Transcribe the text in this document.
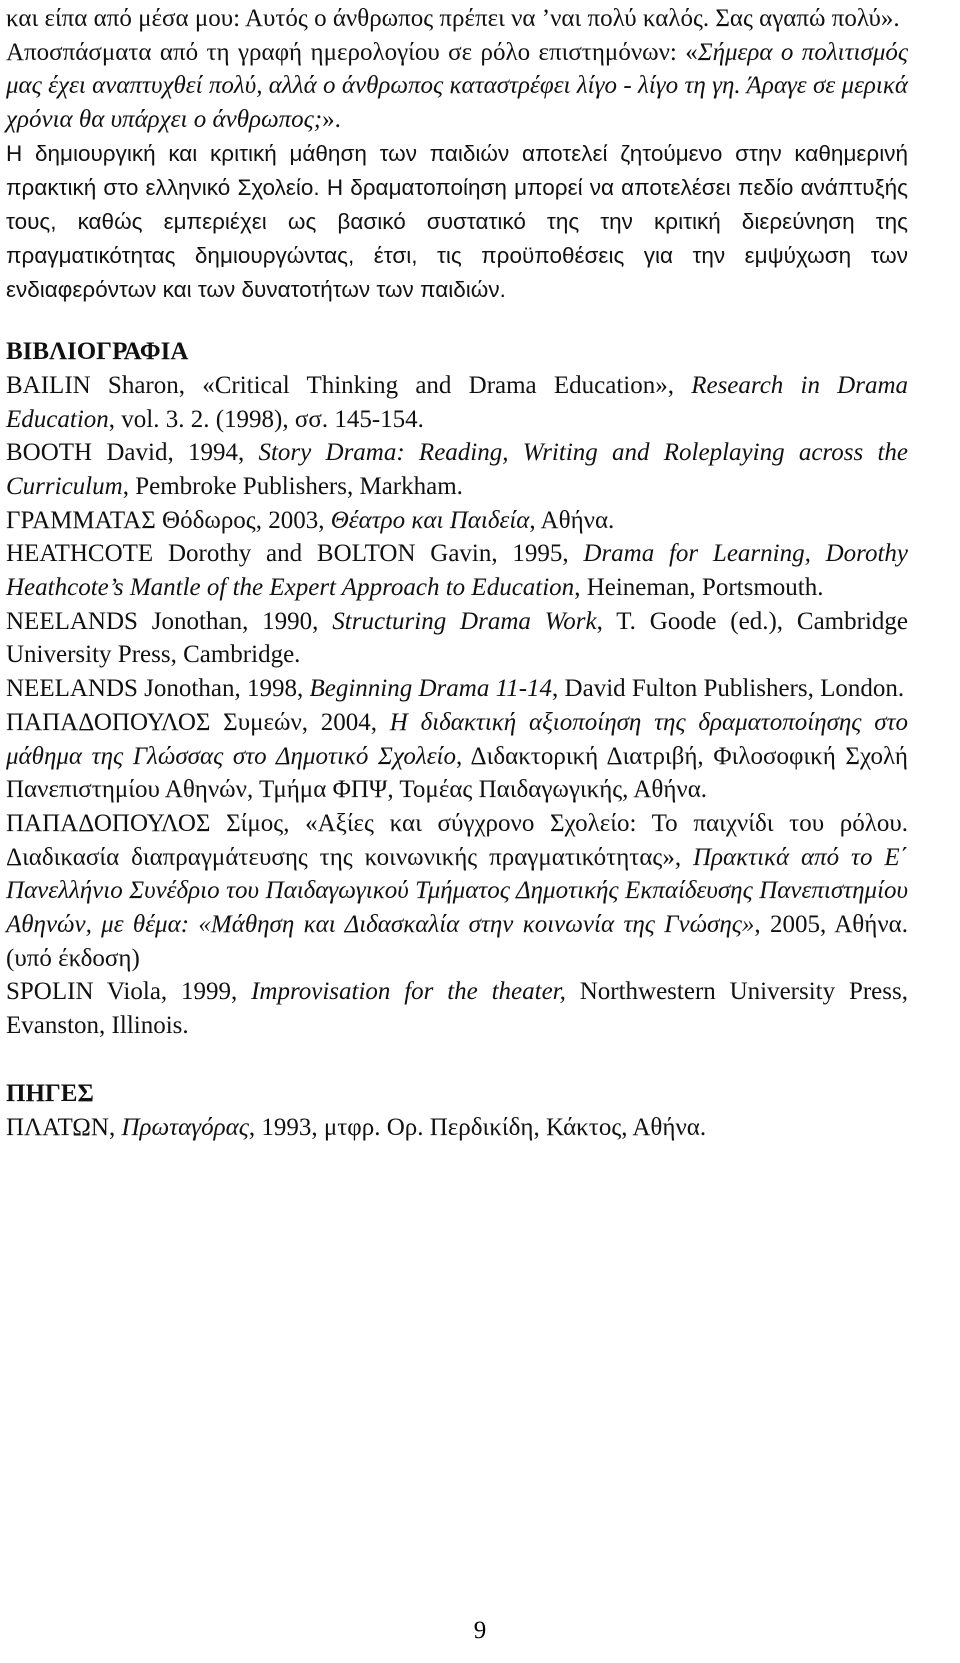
και είπα από μέσα μου: Αυτός ο άνθρωπος πρέπει να ’ναι πολύ καλός. Σας αγαπώ πολύ».

Αποσπάσματα από τη γραφή ημερολογίου σε ρόλο επιστημόνων: «Σήμερα ο πολιτισμός μας έχει αναπτυχθεί πολύ, αλλά ο άνθρωπος καταστρέφει λίγο - λίγο τη γη. Άραγε σε μερικά χρόνια θα υπάρχει ο άνθρωπος;».

Η δημιουργική και κριτική μάθηση των παιδιών αποτελεί ζητούμενο στην καθημερινή πρακτική στο ελληνικό Σχολείο. Η δραματοποίηση μπορεί να αποτελέσει πεδίο ανάπτυξής τους, καθώς εμπεριέχει ως βασικό συστατικό της την κριτική διερεύνηση της πραγματικότητας δημιουργώντας, έτσι, τις προϋποθέσεις για την εμψύχωση των ενδιαφερόντων και των δυνατοτήτων των παιδιών.

ΒΙΒΛΙΟΓΡΑΦΙΑ

BAILIN Sharon, «Critical Thinking and Drama Education», Research in Drama Education, vol. 3. 2. (1998), σσ. 145-154.

BOOTH David, 1994, Story Drama: Reading, Writing and Roleplaying across the Curriculum, Pembroke Publishers, Markham.

ΓΡΑΜΜΑΤΑΣ Θόδωρος, 2003, Θέατρο και Παιδεία, Αθήνα.

HEATHCOTE Dorothy and BOLTON Gavin, 1995, Drama for Learning, Dorothy Heathcote’s Mantle of the Expert Approach to Education, Heineman, Portsmouth.

NEELANDS Jonothan, 1990, Structuring Drama Work, T. Goode (ed.), Cambridge University Press, Cambridge.

NEELANDS Jonothan, 1998, Beginning Drama 11-14, David Fulton Publishers, London.

ΠΑΠΑΔΟΠΟΥΛΟΣ Συμεών, 2004, Η διδακτική αξιοποίηση της δραματοποίησης στο μάθημα της Γλώσσας στο Δημοτικό Σχολείο, Διδακτορική Διατριβή, Φιλοσοφική Σχολή Πανεπιστημίου Αθηνών, Τμήμα ΦΠΨ, Τομέας Παιδαγωγικής, Αθήνα.

ΠΑΠΑΔΟΠΟΥΛΟΣ Σίμος, «Αξίες και σύγχρονο Σχολείο: Το παιχνίδι του ρόλου. Διαδικασία διαπραγμάτευσης της κοινωνικής πραγματικότητας», Πρακτικά από το Ε΄ Πανελλήνιο Συνέδριο του Παιδαγωγικού Τμήματος Δημοτικής Εκπαίδευσης Πανεπιστημίου Αθηνών, με θέμα: «Μάθηση και Διδασκαλία στην κοινωνία της Γνώσης», 2005, Αθήνα. (υπό έκδοση)

SPOLIN Viola, 1999, Improvisation for the theater, Northwestern University Press, Evanston, Illinois.

ΠΗΓΕΣ

ΠΛΑΤΩΝ, Πρωταγόρας, 1993, μτφρ. Ορ. Περδικίδη, Κάκτος, Αθήνα.

9
